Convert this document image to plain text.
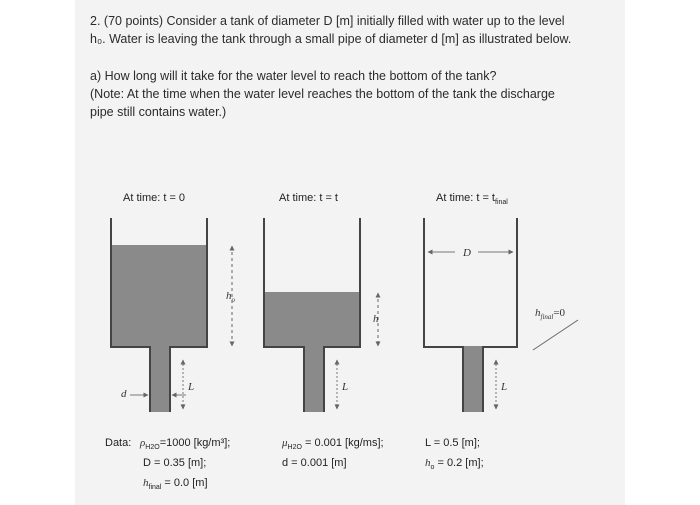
2. (70 points) Consider a tank of diameter D [m] initially filled with water up to the level

h₀. Water is leaving the tank through a small pipe of diameter d [m] as illustrated below.

a) How long will it take for the water level to reach the bottom of the tank?

(Note: At the time when the water level reaches the bottom of the tank the discharge

pipe still contains water.)

At time: t = 0
$h_o$
L
d
At time: t = t
h
L
At time: $t = t_{final}$
D
L
$h_{final}=0$
Data: $\rho_{H2O}=1000$ [kg/m³];
D = 0.35 [m];
$h_{final} = 0.0$ [m]
$\mu_{H2O} = 0.001$ [kg/ms];
d = 0.001 [m]
L = 0.5 [m];
$h_o = 0.2$ [m];
